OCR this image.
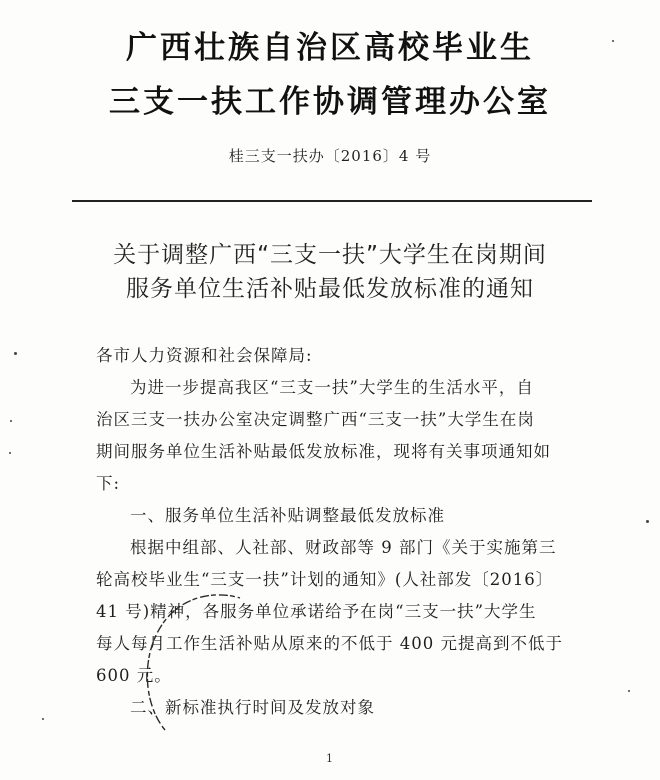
广西壮族自治区高校毕业生
三支一扶工作协调管理办公室
桂三支一扶办〔2016〕4 号
关于调整广西“三支一扶”大学生在岗期间
服务单位生活补贴最低发放标准的通知
各市人力资源和社会保障局:
为进一步提高我区“三支一扶”大学生的生活水平，自
治区三支一扶办公室决定调整广西“三支一扶”大学生在岗
期间服务单位生活补贴最低发放标准，现将有关事项通知如
下:
一、服务单位生活补贴调整最低发放标准
根据中组部、人社部、财政部等 9 部门《关于实施第三
轮高校毕业生“三支一扶”计划的通知》(人社部发〔2016〕
41 号)精神，各服务单位承诺给予在岗“三支一扶”大学生
每人每月工作生活补贴从原来的不低于 400 元提高到不低于
600 元。
二、新标准执行时间及发放对象
1
